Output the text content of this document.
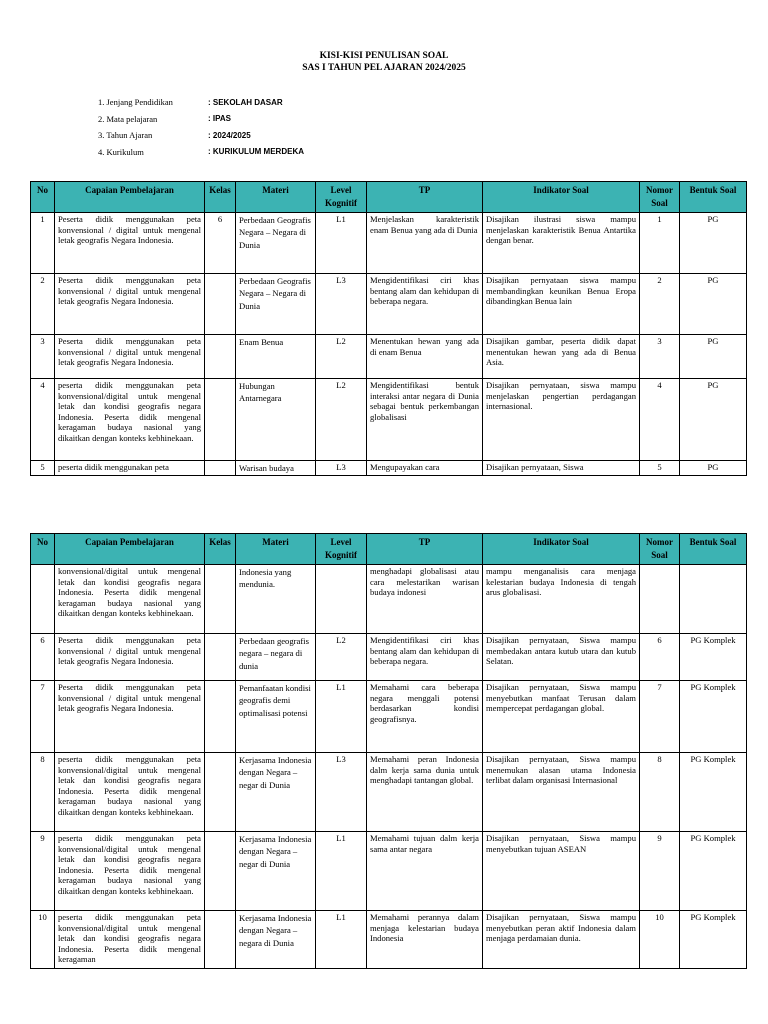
KISI-KISI PENULISAN SOAL
SAS I TAHUN PEL AJARAN 2024/2025
1. Jenjang Pendidikan	: SEKOLAH DASAR
2. Mata pelajaran	: IPAS
3. Tahun Ajaran	: 2024/2025
4. Kurikulum	: KURIKULUM MERDEKA
No	Capaian Pembelajaran	Kelas	Materi	Level Kognitif	TP	Indikator Soal	Nomor Soal	Bentuk Soal
1	Peserta didik menggunakan peta konvensional / digital untuk mengenal letak geografis Negara Indonesia.	6	Perbedaan Geografis Negara – Negara di Dunia	L1	Menjelaskan karakteristik enam Benua yang ada di Dunia	Disajikan ilustrasi siswa mampu menjelaskan karakteristik Benua Antartika dengan benar.	1	PG
2	Peserta didik menggunakan peta konvensional / digital untuk mengenal letak geografis Negara Indonesia.		Perbedaan Geografis Negara – Negara di Dunia	L3	Mengidentifikasi ciri khas bentang alam dan kehidupan di beberapa negara.	Disajikan pernyataan siswa mampu membandingkan keunikan Benua Eropa dibandingkan Benua lain	2	PG
3	Peserta didik menggunakan peta konvensional / digital untuk mengenal letak geografis Negara Indonesia.		Enam Benua	L2	Menentukan hewan yang ada di enam Benua	Disajikan gambar, peserta didik dapat menentukan hewan yang ada di Benua Asia.	3	PG
4	peserta didik menggunakan peta konvensional/digital untuk mengenal letak dan kondisi geografis negara Indonesia. Peserta didik mengenal keragaman budaya nasional yang dikaitkan dengan konteks kebhinekaan.		Hubungan Antarnegara	L2	Mengidentifikasi bentuk interaksi antar negara di Dunia sebagai bentuk perkembangan globalisasi	Disajikan pernyataan, siswa mampu menjelaskan pengertian perdagangan internasional.	4	PG
5	peserta didik menggunakan peta		Warisan budaya	L3	Mengupayakan cara	Disajikan pernyataan, Siswa	5	PG
No	Capaian Pembelajaran	Kelas	Materi	Level Kognitif	TP	Indikator Soal	Nomor Soal	Bentuk Soal
	konvensional/digital untuk mengenal letak dan kondisi geografis negara Indonesia. Peserta didik mengenal keragaman budaya nasional yang dikaitkan dengan konteks kebhinekaan.		Indonesia yang mendunia.		menghadapi globalisasi atau cara melestarikan warisan budaya indonesi	mampu menganalisis cara menjaga kelestarian budaya Indonesia di tengah arus globalisasi.		
6	Peserta didik menggunakan peta konvensional / digital untuk mengenal letak geografis Negara Indonesia.		Perbedaan geografis negara – negara di dunia	L2	Mengidentifikasi ciri khas bentang alam dan kehidupan di beberapa negara.	Disajikan pernyataan, Siswa mampu membedakan antara kutub utara dan kutub Selatan.	6	PG Komplek
7	Peserta didik menggunakan peta konvensional / digital untuk mengenal letak geografis Negara Indonesia.		Pemanfaatan kondisi geografis demi optimalisasi potensi	L1	Memahami cara beberapa negara menggali potensi berdasarkan kondisi geografisnya.	Disajikan pernyataan, Siswa mampu menyebutkan manfaat Terusan dalam mempercepat perdagangan global.	7	PG Komplek
8	peserta didik menggunakan peta konvensional/digital untuk mengenal letak dan kondisi geografis negara Indonesia. Peserta didik mengenal keragaman budaya nasional yang dikaitkan dengan konteks kebhinekaan.		Kerjasama Indonesia dengan Negara – negar di Dunia	L3	Memahami peran Indonesia dalm kerja sama dunia untuk menghadapi tantangan global.	Disajikan pernyataan, Siswa mampu menemukan alasan utama Indonesia terlibat dalam organisasi Internasional	8	PG Komplek
9	peserta didik menggunakan peta konvensional/digital untuk mengenal letak dan kondisi geografis negara Indonesia. Peserta didik mengenal keragaman budaya nasional yang dikaitkan dengan konteks kebhinekaan.		Kerjasama Indonesia dengan Negara – negar di Dunia	L1	Memahami tujuan dalm kerja sama antar negara	Disajikan pernyataan, Siswa mampu menyebutkan tujuan ASEAN	9	PG Komplek
10	peserta didik menggunakan peta konvensional/digital untuk mengenal letak dan kondisi geografis negara Indonesia. Peserta didik mengenal keragaman		Kerjasama Indonesia dengan Negara – negara di Dunia	L1	Memahami perannya dalam menjaga kelestarian budaya Indonesia	Disajikan pernyataan, Siswa mampu menyebutkan peran aktif Indonesia dalam menjaga perdamaian dunia.	10	PG Komplek
